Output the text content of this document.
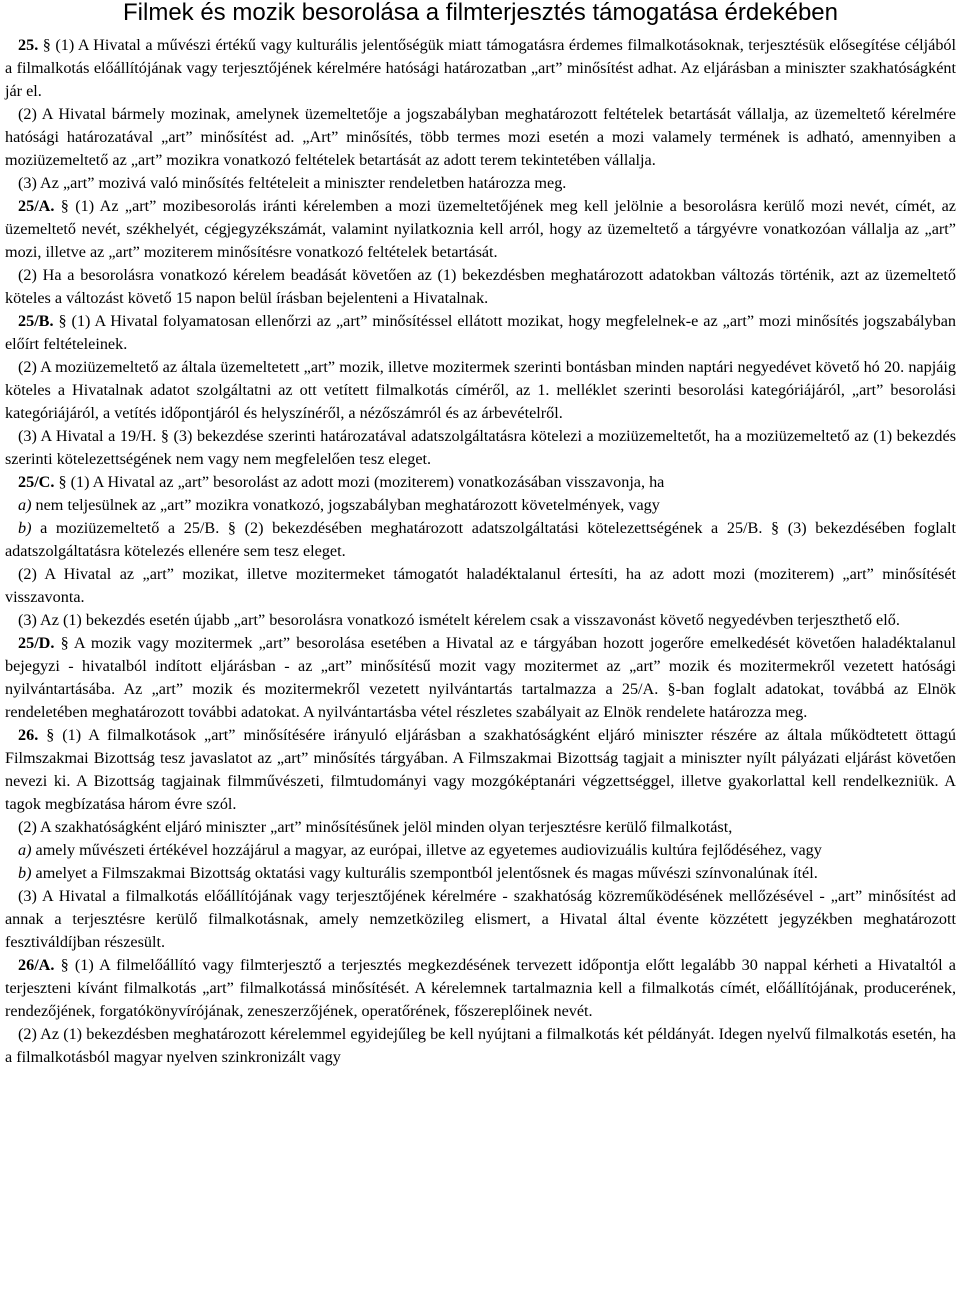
Filmek és mozik besorolása a filmterjesztés támogatása érdekében

25. § (1) A Hivatal a művészi értékű vagy kulturális jelentőségük miatt támogatásra érdemes filmalkotásoknak, terjesztésük elősegítése céljából a filmalkotás előállítójának vagy terjesztőjének kérelmére hatósági határozatban „art” minősítést adhat. Az eljárásban a miniszter szakhatóságként jár el.

(2) A Hivatal bármely mozinak, amelynek üzemeltetője a jogszabályban meghatározott feltételek betartását vállalja, az üzemeltető kérelmére hatósági határozatával „art” minősítést ad. „Art” minősítés, több termes mozi esetén a mozi valamely termének is adható, amennyiben a moziüzemeltető az „art” mozikra vonatkozó feltételek betartását az adott terem tekintetében vállalja.

(3) Az „art” mozivá való minősítés feltételeit a miniszter rendeletben határozza meg.

25/A. § (1) Az „art” mozibesorolás iránti kérelemben a mozi üzemeltetőjének meg kell jelölnie a besorolásra kerülő mozi nevét, címét, az üzemeltető nevét, székhelyét, cégjegyzékszámát, valamint nyilatkoznia kell arról, hogy az üzemeltető a tárgyévre vonatkozóan vállalja az „art” mozi, illetve az „art” moziterem minősítésre vonatkozó feltételek betartását.

(2) Ha a besorolásra vonatkozó kérelem beadását követően az (1) bekezdésben meghatározott adatokban változás történik, azt az üzemeltető köteles a változást követő 15 napon belül írásban bejelenteni a Hivatalnak.

25/B. § (1) A Hivatal folyamatosan ellenőrzi az „art” minősítéssel ellátott mozikat, hogy megfelelnek-e az „art” mozi minősítés jogszabályban előírt feltételeinek.

(2) A moziüzemeltető az általa üzemeltetett „art” mozik, illetve mozitermek szerinti bontásban minden naptári negyedévet követő hó 20. napjáig köteles a Hivatalnak adatot szolgáltatni az ott vetített filmalkotás címéről, az 1. melléklet szerinti besorolási kategóriájáról, „art” besorolási kategóriájáról, a vetítés időpontjáról és helyszínéről, a nézőszámról és az árbevételről.

(3) A Hivatal a 19/H. § (3) bekezdése szerinti határozatával adatszolgáltatásra kötelezi a moziüzemeltetőt, ha a moziüzemeltető az (1) bekezdés szerinti kötelezettségének nem vagy nem megfelelően tesz eleget.

25/C. § (1) A Hivatal az „art” besorolást az adott mozi (moziterem) vonatkozásában visszavonja, ha

a) nem teljesülnek az „art” mozikra vonatkozó, jogszabályban meghatározott követelmények, vagy

b) a moziüzemeltető a 25/B. § (2) bekezdésében meghatározott adatszolgáltatási kötelezettségének a 25/B. § (3) bekezdésében foglalt adatszolgáltatásra kötelezés ellenére sem tesz eleget.

(2) A Hivatal az „art” mozikat, illetve mozitermeket támogatót haladéktalanul értesíti, ha az adott mozi (moziterem) „art” minősítését visszavonta.

(3) Az (1) bekezdés esetén újabb „art” besorolásra vonatkozó ismételt kérelem csak a visszavonást követő negyedévben terjeszthető elő.

25/D. § A mozik vagy mozitermek „art” besorolása esetében a Hivatal az e tárgyában hozott jogerőre emelkedését követően haladéktalanul bejegyzi - hivatalból indított eljárásban - az „art” minősítésű mozit vagy mozitermet az „art” mozik és mozitermekről vezetett hatósági nyilvántartásába. Az „art” mozik és mozitermekről vezetett nyilvántartás tartalmazza a 25/A. §-ban foglalt adatokat, továbbá az Elnök rendeletében meghatározott további adatokat. A nyilvántartásba vétel részletes szabályait az Elnök rendelete határozza meg.

26. § (1) A filmalkotások „art” minősítésére irányuló eljárásban a szakhatóságként eljáró miniszter részére az általa működtetett öttagú Filmszakmai Bizottság tesz javaslatot az „art” minősítés tárgyában. A Filmszakmai Bizottság tagjait a miniszter nyílt pályázati eljárást követően nevezi ki. A Bizottság tagjainak filmművészeti, filmtudományi vagy mozgóképtanári végzettséggel, illetve gyakorlattal kell rendelkezniük. A tagok megbízatása három évre szól.

(2) A szakhatóságként eljáró miniszter „art” minősítésűnek jelöl minden olyan terjesztésre kerülő filmalkotást,

a) amely művészeti értékével hozzájárul a magyar, az európai, illetve az egyetemes audiovizuális kultúra fejlődéséhez, vagy

b) amelyet a Filmszakmai Bizottság oktatási vagy kulturális szempontból jelentősnek és magas művészi színvonalúnak ítél.

(3) A Hivatal a filmalkotás előállítójának vagy terjesztőjének kérelmére - szakhatóság közreműködésének mellőzésével - „art” minősítést ad annak a terjesztésre kerülő filmalkotásnak, amely nemzetközileg elismert, a Hivatal által évente közzétett jegyzékben meghatározott fesztiváldíjban részesült.

26/A. § (1) A filmelőállító vagy filmterjesztő a terjesztés megkezdésének tervezett időpontja előtt legalább 30 nappal kérheti a Hivataltól a terjeszteni kívánt filmalkotás „art” filmalkotássá minősítését. A kérelemnek tartalmaznia kell a filmalkotás címét, előállítójának, producerének, rendezőjének, forgatókönyvírójának, zeneszerzőjének, operatőrének, főszereplőinek nevét.

(2) Az (1) bekezdésben meghatározott kérelemmel egyidejűleg be kell nyújtani a filmalkotás két példányát. Idegen nyelvű filmalkotás esetén, ha a filmalkotásból magyar nyelven szinkronizált vagy
